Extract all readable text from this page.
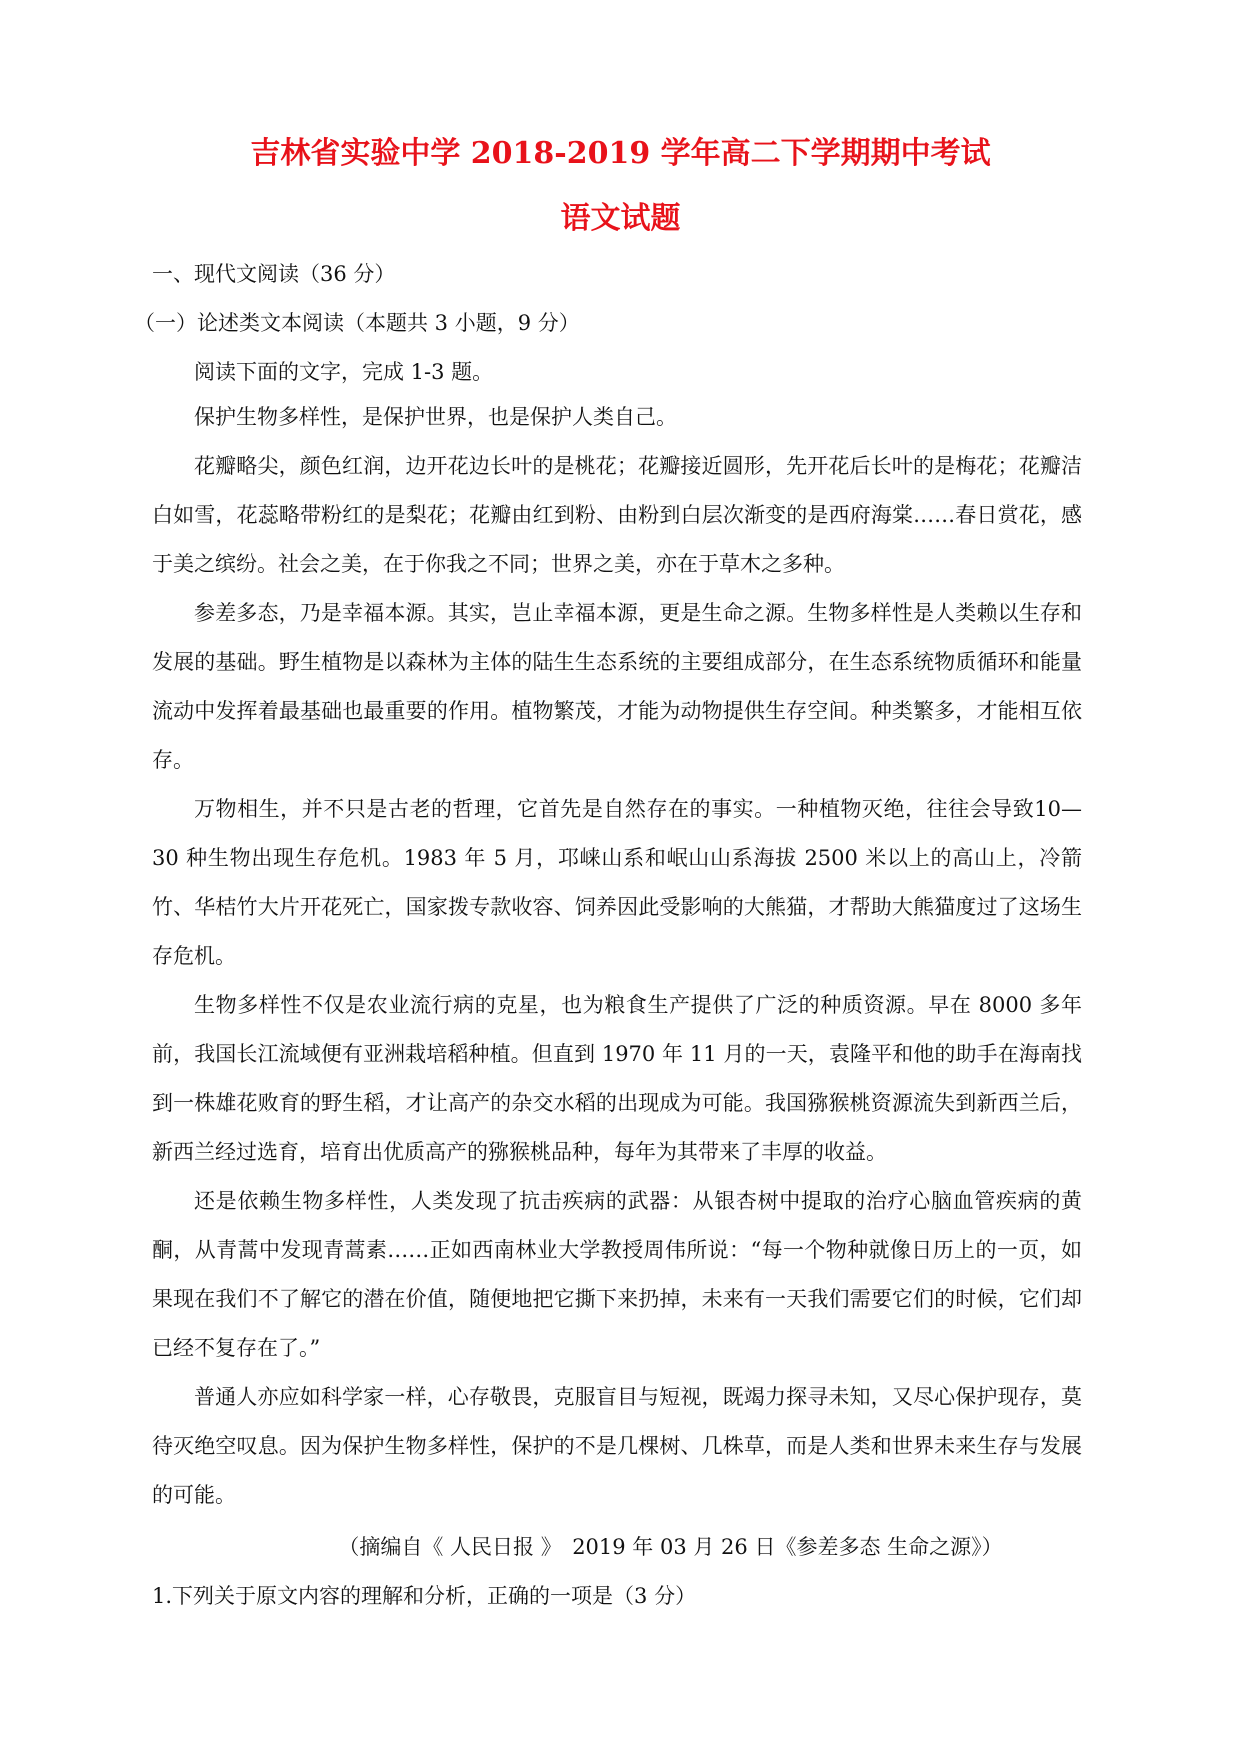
吉林省实验中学 2018-2019 学年高二下学期期中考试
语文试题
一、现代文阅读（36 分）
（一）论述类文本阅读（本题共 3 小题，9 分）
阅读下面的文字，完成 1-3 题。
保护生物多样性，是保护世界，也是保护人类自己。
花瓣略尖，颜色红润，边开花边长叶的是桃花；花瓣接近圆形，先开花后长叶的是梅花；花瓣洁白如雪，花蕊略带粉红的是梨花；花瓣由红到粉、由粉到白层次渐变的是西府海棠……春日赏花，感于美之缤纷。社会之美，在于你我之不同；世界之美，亦在于草木之多种。
参差多态，乃是幸福本源。其实，岂止幸福本源，更是生命之源。生物多样性是人类赖以生存和发展的基础。野生植物是以森林为主体的陆生生态系统的主要组成部分，在生态系统物质循环和能量流动中发挥着最基础也最重要的作用。植物繁茂，才能为动物提供生存空间。种类繁多，才能相互依存。
万物相生，并不只是古老的哲理，它首先是自然存在的事实。一种植物灭绝，往往会导致10—30 种生物出现生存危机。1983 年 5 月，邛崃山系和岷山山系海拔 2500 米以上的高山上，冷箭竹、华桔竹大片开花死亡，国家拨专款收容、饲养因此受影响的大熊猫，才帮助大熊猫度过了这场生存危机。
生物多样性不仅是农业流行病的克星，也为粮食生产提供了广泛的种质资源。早在 8000 多年前，我国长江流域便有亚洲栽培稻种植。但直到 1970 年 11 月的一天，袁隆平和他的助手在海南找到一株雄花败育的野生稻，才让高产的杂交水稻的出现成为可能。我国猕猴桃资源流失到新西兰后，新西兰经过选育，培育出优质高产的猕猴桃品种，每年为其带来了丰厚的收益。
还是依赖生物多样性，人类发现了抗击疾病的武器：从银杏树中提取的治疗心脑血管疾病的黄酮，从青蒿中发现青蒿素……正如西南林业大学教授周伟所说：“每一个物种就像日历上的一页，如果现在我们不了解它的潜在价值，随便地把它撕下来扔掉，未来有一天我们需要它们的时候，它们却已经不复存在了。”
普通人亦应如科学家一样，心存敬畏，克服盲目与短视，既竭力探寻未知，又尽心保护现存，莫待灭绝空叹息。因为保护生物多样性，保护的不是几棵树、几株草，而是人类和世界未来生存与发展的可能。
（摘编自《 人民日报 》　2019 年 03 月 26 日《参差多态 生命之源》）
1.下列关于原文内容的理解和分析，正确的一项是（3 分）
